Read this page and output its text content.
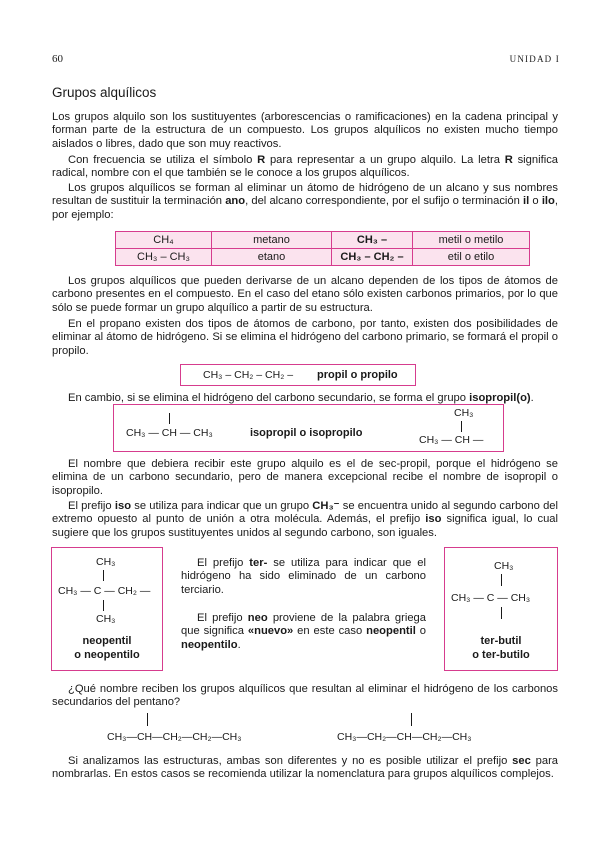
60	UNIDAD I
Grupos alquílicos
Los grupos alquilo son los sustituyentes (arborescencias o ramificaciones) en la cadena principal y forman parte de la estructura de un compuesto. Los grupos alquílicos no existen mucho tiempo aislados o libres, dado que son muy reactivos.
Con frecuencia se utiliza el símbolo R para representar a un grupo alquilo. La letra R significa radical, nombre con el que también se le conoce a los grupos alquílicos.
Los grupos alquílicos se forman al eliminar un átomo de hidrógeno de un alcano y sus nombres resultan de sustituir la terminación ano, del alcano correspondiente, por el sufijo o terminación il o ilo, por ejemplo:
CH₄	metano	CH₃ –	metil o metilo
CH₃ – CH₃	etano	CH₃ – CH₂ –	etil o etilo
Los grupos alquílicos que pueden derivarse de un alcano dependen de los tipos de átomos de carbono presentes en el compuesto. En el caso del etano sólo existen carbonos primarios, por lo que sólo se puede formar un grupo alquílico a partir de su estructura.
En el propano existen dos tipos de átomos de carbono, por tanto, existen dos posibilidades de eliminar al átomo de hidrógeno. Si se elimina el hidrógeno del carbono primario, se formará el propil o propilo.
CH₃ – CH₂ – CH₂ – propil o propilo
En cambio, si se elimina el hidrógeno del carbono secundario, se forma el grupo isopropil(o).
CH₃ — CH — CH₃	isopropil o isopropilo
CH₃
CH₃ — CH —
El nombre que debiera recibir este grupo alquilo es el de sec-propil, porque el hidrógeno se elimina de un carbono secundario, pero de manera excepcional recibe el nombre de isopropil o isopropilo.
El prefijo iso se utiliza para indicar que un grupo CH₃⁻ se encuentra unido al segundo carbono del extremo opuesto al punto de unión a otra molécula. Además, el prefijo iso significa igual, lo cual sugiere que los grupos sustituyentes unidos al segundo carbono, son iguales.
CH₃
CH₃ — C — CH₂ —
CH₃
neopentil
o neopentilo
El prefijo ter- se utiliza para indicar que el hidrógeno ha sido eliminado de un carbono terciario.
El prefijo neo proviene de la palabra griega que significa «nuevo» en este caso neopentil o neopentilo.
CH₃
CH₃ — C — CH₃
ter-butil
o ter-butilo
¿Qué nombre reciben los grupos alquílicos que resultan al eliminar el hidrógeno de los carbonos secundarios del pentano?
CH₃—CH—CH₂—CH₂—CH₃	CH₃—CH₂—CH—CH₂—CH₃
Si analizamos las estructuras, ambas son diferentes y no es posible utilizar el prefijo sec para nombrarlas. En estos casos se recomienda utilizar la nomenclatura para grupos alquílicos complejos.
